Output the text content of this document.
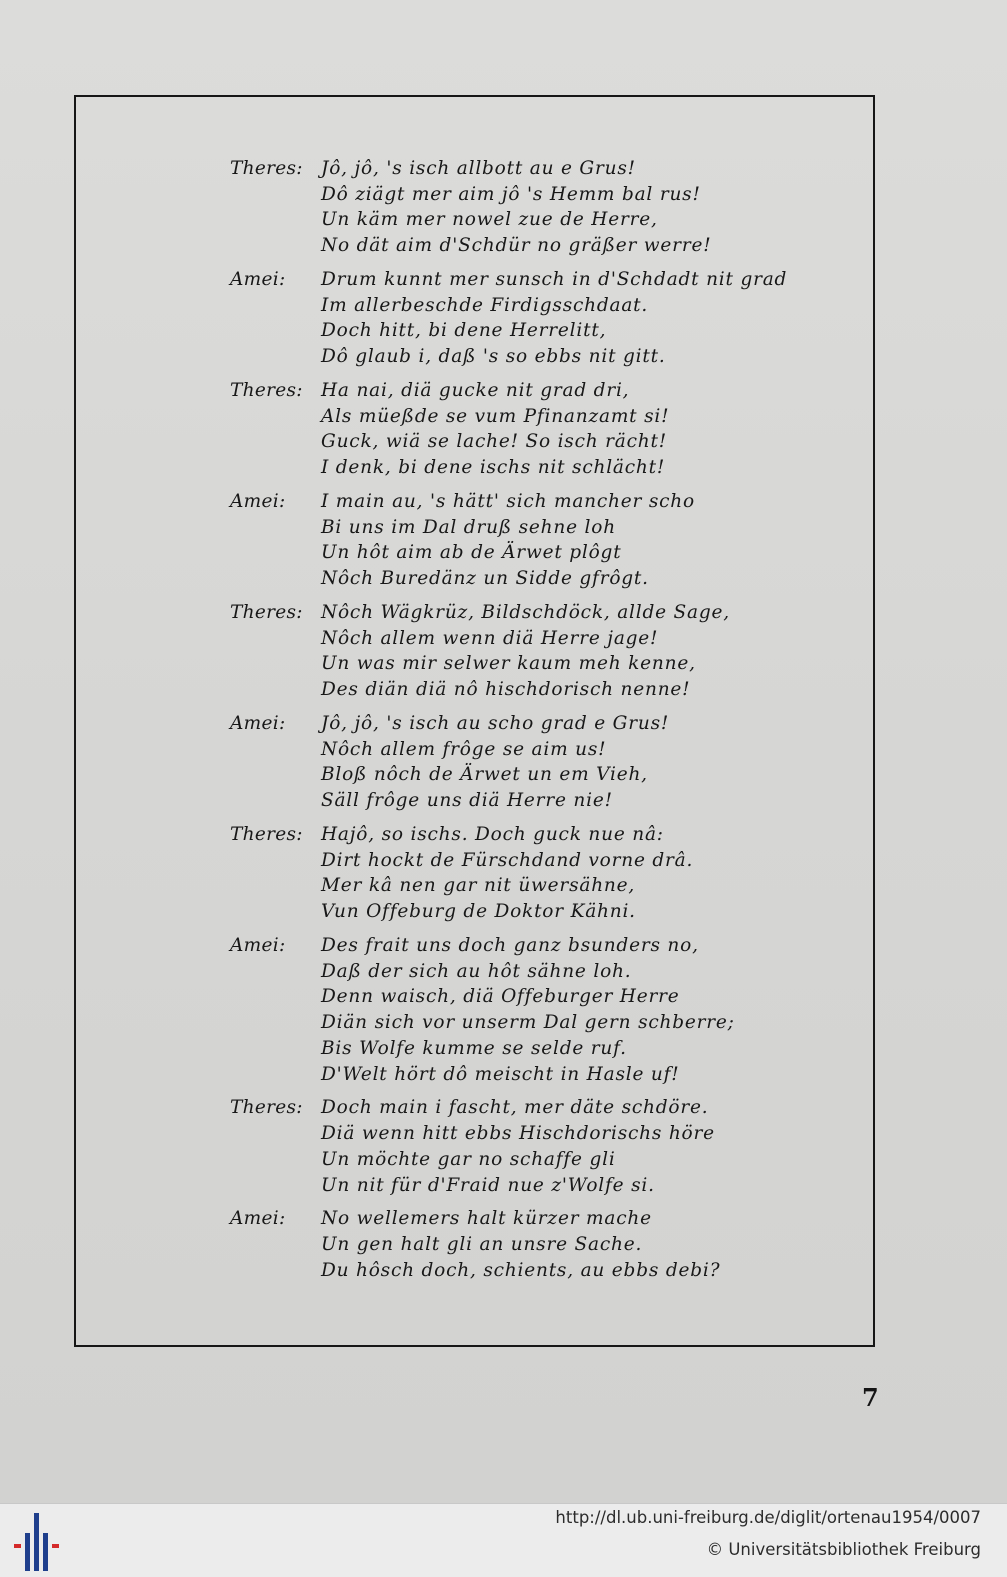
Theres: Jô, jô, 's isch allbott au e Grus!
Dô ziägt mer aim jô 's Hemm bal rus!
Un käm mer nowel zue de Herre,
No dät aim d'Schdür no gräßer werre!
Amei:	Drum kunnt mer sunsch in d'Schdadt nit grad
Im allerbeschde Firdigsschdaat.
Doch hitt, bi dene Herrelitt,
Dô glaub i, daß 's so ebbs nit gitt.
Theres: Ha nai, diä gucke nit grad dri,
Als müeßde se vum Pfinanzamt si!
Guck, wiä se lache! So isch rächt!
I denk, bi dene ischs nit schlächt!
Amei:	I main au, 's hätt' sich mancher scho
Bi uns im Dal druß sehne loh
Un hôt aim ab de Ärwet plôgt
Nôch Buredänz un Sidde gfrôgt.
Theres: Nôch Wägkrüz, Bildschdöck, allde Sage,
Nôch allem wenn diä Herre jage!
Un was mir selwer kaum meh kenne,
Des diän diä nô hischdorisch nenne!
Amei:	Jô, jô, 's isch au scho grad e Grus!
Nôch allem frôge se aim us!
Bloß nôch de Ärwet un em Vieh,
Säll frôge uns diä Herre nie!
Theres: Hajô, so ischs. Doch guck nue nâ:
Dirt hockt de Fürschdand vorne drâ.
Mer kâ nen gar nit üwersähne,
Vun Offeburg de Doktor Kähni.
Amei:	Des frait uns doch ganz bsunders no,
Daß der sich au hôt sähne loh.
Denn waisch, diä Offeburger Herre
Diän sich vor unserm Dal gern schberre;
Bis Wolfe kumme se selde ruf.
D'Welt hört dô meischt in Hasle uf!
Theres: Doch main i fascht, mer däte schdöre.
Diä wenn hitt ebbs Hischdorischs höre
Un möchte gar no schaffe gli
Un nit für d'Fraid nue z'Wolfe si.
Amei:	No wellemers halt kürzer mache
Un gen halt gli an unsre Sache.
Du hôsch doch, schients, au ebbs debi?
7
http://dl.ub.uni-freiburg.de/diglit/ortenau1954/0007
© Universitätsbibliothek Freiburg
